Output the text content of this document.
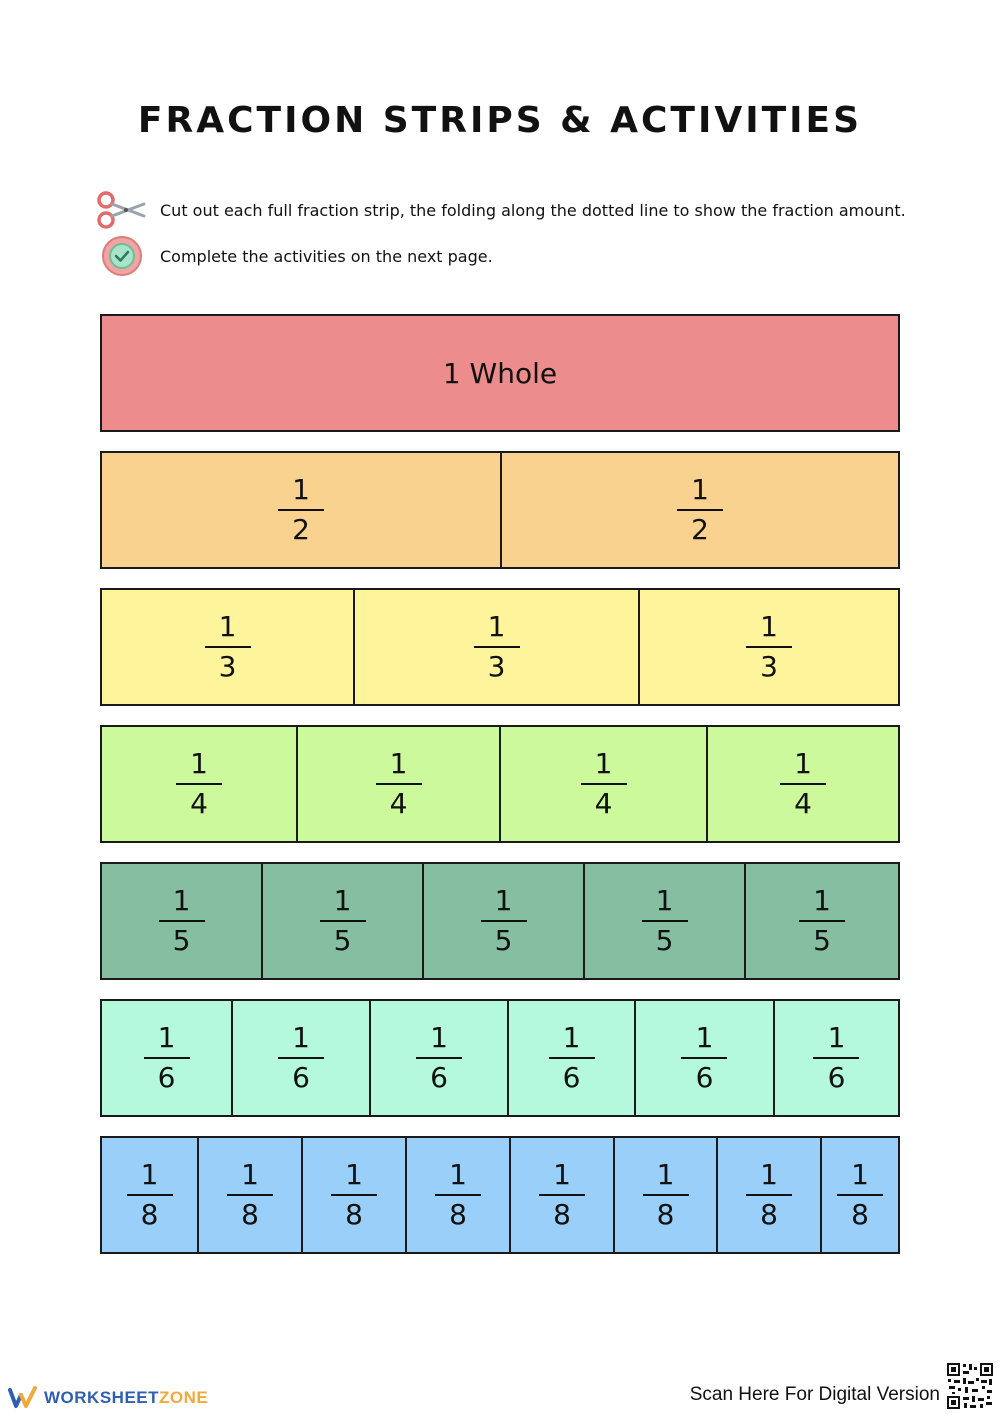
FRACTION STRIPS & ACTIVITIES
Cut out each full fraction strip, the folding along the dotted line to show the fraction amount.
Complete the activities on the next page.
1 Whole
$\frac{1}{2} \frac{1}{2}$
$\frac{1}{3} \frac{1}{3} \frac{1}{3}$
$\frac{1}{4} \frac{1}{4} \frac{1}{4} \frac{1}{4}$
$\frac{1}{5} \frac{1}{5} \frac{1}{5} \frac{1}{5} \frac{1}{5}$
$\frac{1}{6} \frac{1}{6} \frac{1}{6} \frac{1}{6} \frac{1}{6} \frac{1}{6}$
$\frac{1}{8} \frac{1}{8} \frac{1}{8} \frac{1}{8} \frac{1}{8} \frac{1}{8} \frac{1}{8} \frac{1}{8}$
WORKSHEETZONE	Scan Here For Digital Version
